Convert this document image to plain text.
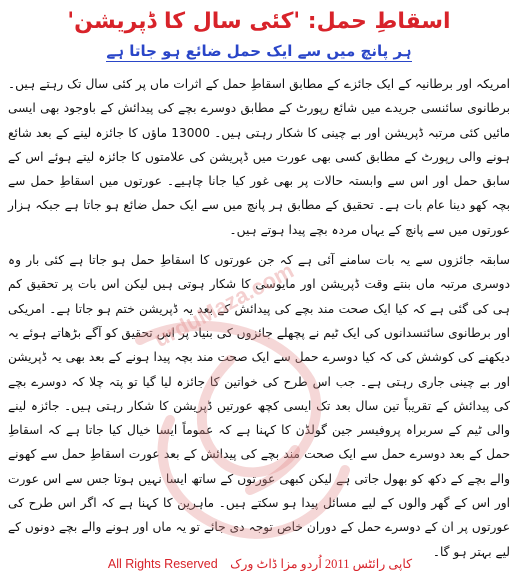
اسقاطِ حمل: 'کئی سال کا ڈپریشن'
ہر پانچ میں سے ایک حمل ضائع ہو جاتا ہے

امریکہ اور برطانیہ کے ایک جائزے کے مطابق اسقاطِ حمل کے اثرات ماں پر کئی سال تک رہتے ہیں۔ برطانوی سائنسی جریدے میں شائع رپورٹ کے مطابق دوسرے بچے کی پیدائش کے باوجود بھی ایسی مائیں کئی مرتبہ ڈپریشن اور بے چینی کا شکار رہتی ہیں۔ 13000 ماؤں کا جائزہ لینے کے بعد شائع ہونے والی رپورٹ کے مطابق کسی بھی عورت میں ڈپریشن کی علامتوں کا جائزہ لیتے ہوئے اس کے سابق حمل اور اس سے وابستہ حالات پر بھی غور کیا جانا چاہیے۔ عورتوں میں اسقاطِ حمل سے بچہ کھو دینا عام بات ہے۔ تحقیق کے مطابق ہر پانچ میں سے ایک حمل ضائع ہو جاتا ہے جبکہ ہزار عورتوں میں سے پانچ کے یہاں مردہ بچے پیدا ہوتے ہیں۔

سابقہ جائزوں سے یہ بات سامنے آئی ہے کہ جن عورتوں کا اسقاطِ حمل ہو جاتا ہے کئی بار وہ دوسری مرتبہ ماں بنتے وقت ڈپریشن اور مایوسی کا شکار ہوتی ہیں لیکن اس بات پر تحقیق کم ہی کی گئی ہے کہ کیا ایک صحت مند بچے کی پیدائش کے بعد یہ ڈپریشن ختم ہو جاتا ہے۔ امریکی اور برطانوی سائنسدانوں کی ایک ٹیم نے پچھلے جائزوں کی بنیاد پر اس تحقیق کو آگے بڑھاتے ہوئے یہ دیکھنے کی کوشش کی کہ کیا دوسرے حمل سے ایک صحت مند بچہ پیدا ہونے کے بعد بھی یہ ڈپریشن اور بے چینی جاری رہتی ہے۔ جب اس طرح کی خواتین کا جائزہ لیا گیا تو پتہ چلا کہ دوسرے بچے کی پیدائش کے تقریباً تین سال بعد تک ایسی کچھ عورتیں ڈپریشن کا شکار رہتی ہیں۔ جائزہ لینے والی ٹیم کے سربراہ پروفیسر جین گولڈن کا کہنا ہے کہ عموماً ایسا خیال کیا جاتا ہے کہ اسقاطِ حمل کے بعد دوسرے حمل سے ایک صحت مند بچے کی پیدائش کے بعد عورت اسقاطِ حمل سے کھونے والے بچے کے دکھ کو بھول جاتی ہے لیکن کبھی عورتوں کے ساتھ ایسا نہیں ہوتا جس سے اس عورت اور اس کے گھر والوں کے لیے مسائل پیدا ہو سکتے ہیں۔ ماہرین کا کہنا ہے کہ اگر اس طرح کی عورتوں پر ان کے دوسرے حمل کے دوران خاص توجہ دی جائے تو یہ ماں اور ہونے والے بچے دونوں کے لیے بہتر ہو گا۔

urduMaza.com
کاپی رائٹس 2011 اُردو مزا ڈاٹ ورک    All Rights Reserved
